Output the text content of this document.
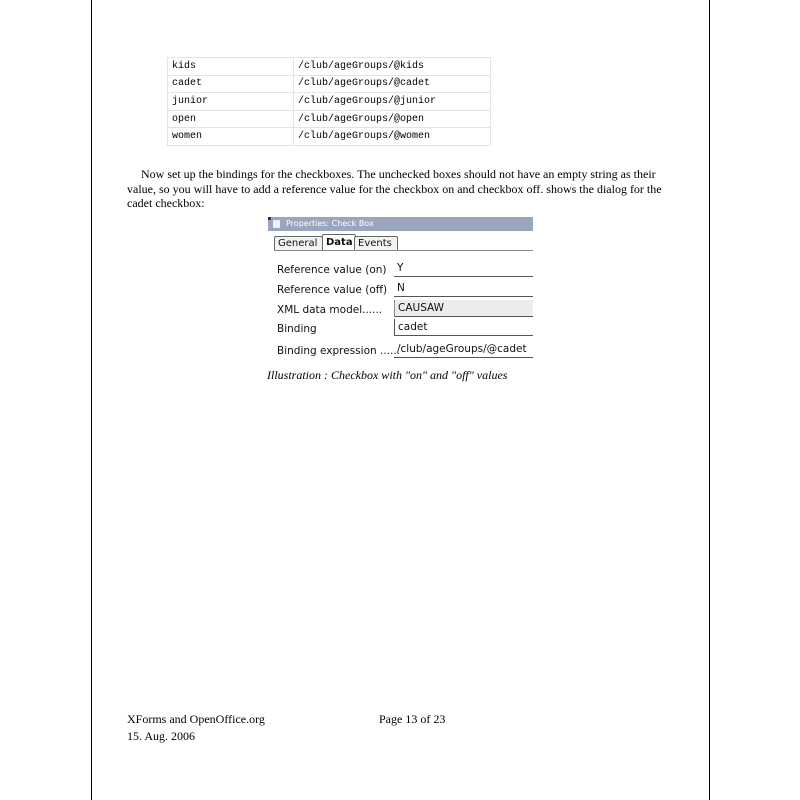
kids	/club/ageGroups/@kids
cadet	/club/ageGroups/@cadet
junior	/club/ageGroups/@junior
open	/club/ageGroups/@open
women	/club/ageGroups/@women

Now set up the bindings for the checkboxes. The unchecked boxes should not have an empty string as their value, so you will have to add a reference value for the checkbox on and checkbox off. shows the dialog for the cadet checkbox:

Properties: Check Box
General Data Events
Reference value (on) Y
Reference value (off) N
XML data model......	CAUSAW
Binding	cadet
Binding expression ......
/club/ageGroups/@cadet
Illustration : Checkbox with "on" and "off" values
XForms and OpenOffice.org	Page 13 of 23
15. Aug. 2006
